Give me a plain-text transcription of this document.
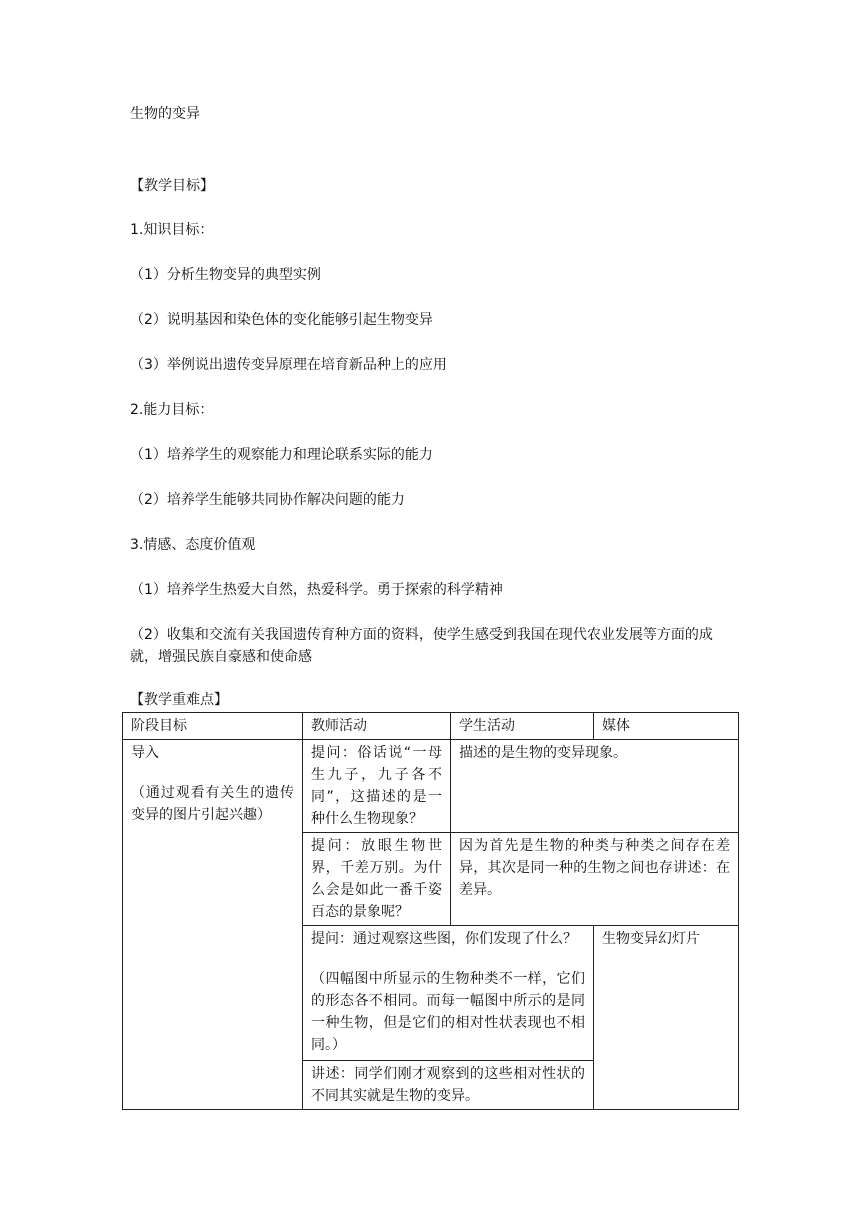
生物的变异
【教学目标】
1.知识目标：
（1）分析生物变异的典型实例
（2）说明基因和染色体的变化能够引起生物变异
（3）举例说出遗传变异原理在培育新品种上的应用
2.能力目标：
（1）培养学生的观察能力和理论联系实际的能力
（2）培养学生能够共同协作解决问题的能力
3.情感、态度价值观
（1）培养学生热爱大自然，热爱科学。勇于探索的科学精神
（2）收集和交流有关我国遗传育种方面的资料，使学生感受到我国在现代农业发展等方面的成就，增强民族自豪感和使命感
【教学重难点】
阶段目标	教师活动	学生活动	媒体

导入
（通过观看有关生的遗传变异的图片引起兴趣）	提问：俗话说“一母生九子，九子各不同”，这描述的是一种什么生物现象？	描述的是生物的变异现象。	

	提问：放眼生物世界，千差万别。为什么会是如此一番千姿百态的景象呢？	因为首先是生物的种类与种类之间存在差异，其次是同一种的生物之间也存讲述：在差异。	

	提问：通过观察这些图，你们发现了什么？
（四幅图中所显示的生物种类不一样，它们的形态各不相同。而每一幅图中所示的是同一种生物，但是它们的相对性状表现也不相同。）		生物变异幻灯片

	讲述：同学们刚才观察到的这些相对性状的不同其实就是生物的变异。		
